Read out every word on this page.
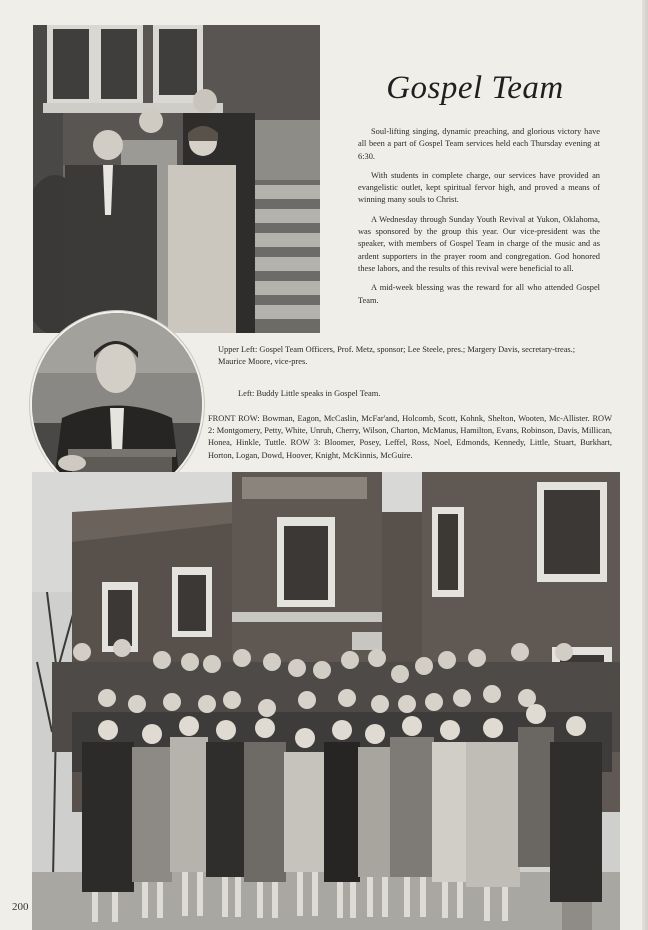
Gospel Team

Soul-lifting singing, dynamic preaching, and glorious victory have all been a part of Gospel Team services held each Thursday evening at 6:30.

With students in complete charge, our services have provided an evangelistic outlet, kept spiritual fervor high, and proved a means of winning many souls to Christ.

A Wednesday through Sunday Youth Revival at Yukon, Oklahoma, was sponsored by the group this year. Our vice-president was the speaker, with members of Gospel Team in charge of the music and as ardent supporters in the prayer room and congregation. God honored these labors, and the results of this revival were beneficial to all.

A mid-week blessing was the reward for all who attended Gospel Team.

Upper Left: Gospel Team Officers, Prof. Metz, sponsor; Lee Steele, pres.; Margery Davis, secretary-treas.; Maurice Moore, vice-pres.
Left: Buddy Little speaks in Gospel Team.
FRONT ROW: Bowman, Eagon, McCaslin, McFar'and, Holcomb, Scott, Kohnk, Shelton, Wooten, Mc-Allister. ROW 2: Montgomery, Petty, White, Unruh, Cherry, Wilson, Charton, McManus, Hamilton, Evans, Robinson, Davis, Millican, Honea, Hinkle, Tuttle. ROW 3: Bloomer, Posey, Leffel, Ross, Noel, Edmonds, Kennedy, Little, Stuart, Burkhart, Horton, Logan, Dowd, Hoover, Knight, McKinnis, McGuire.
200
